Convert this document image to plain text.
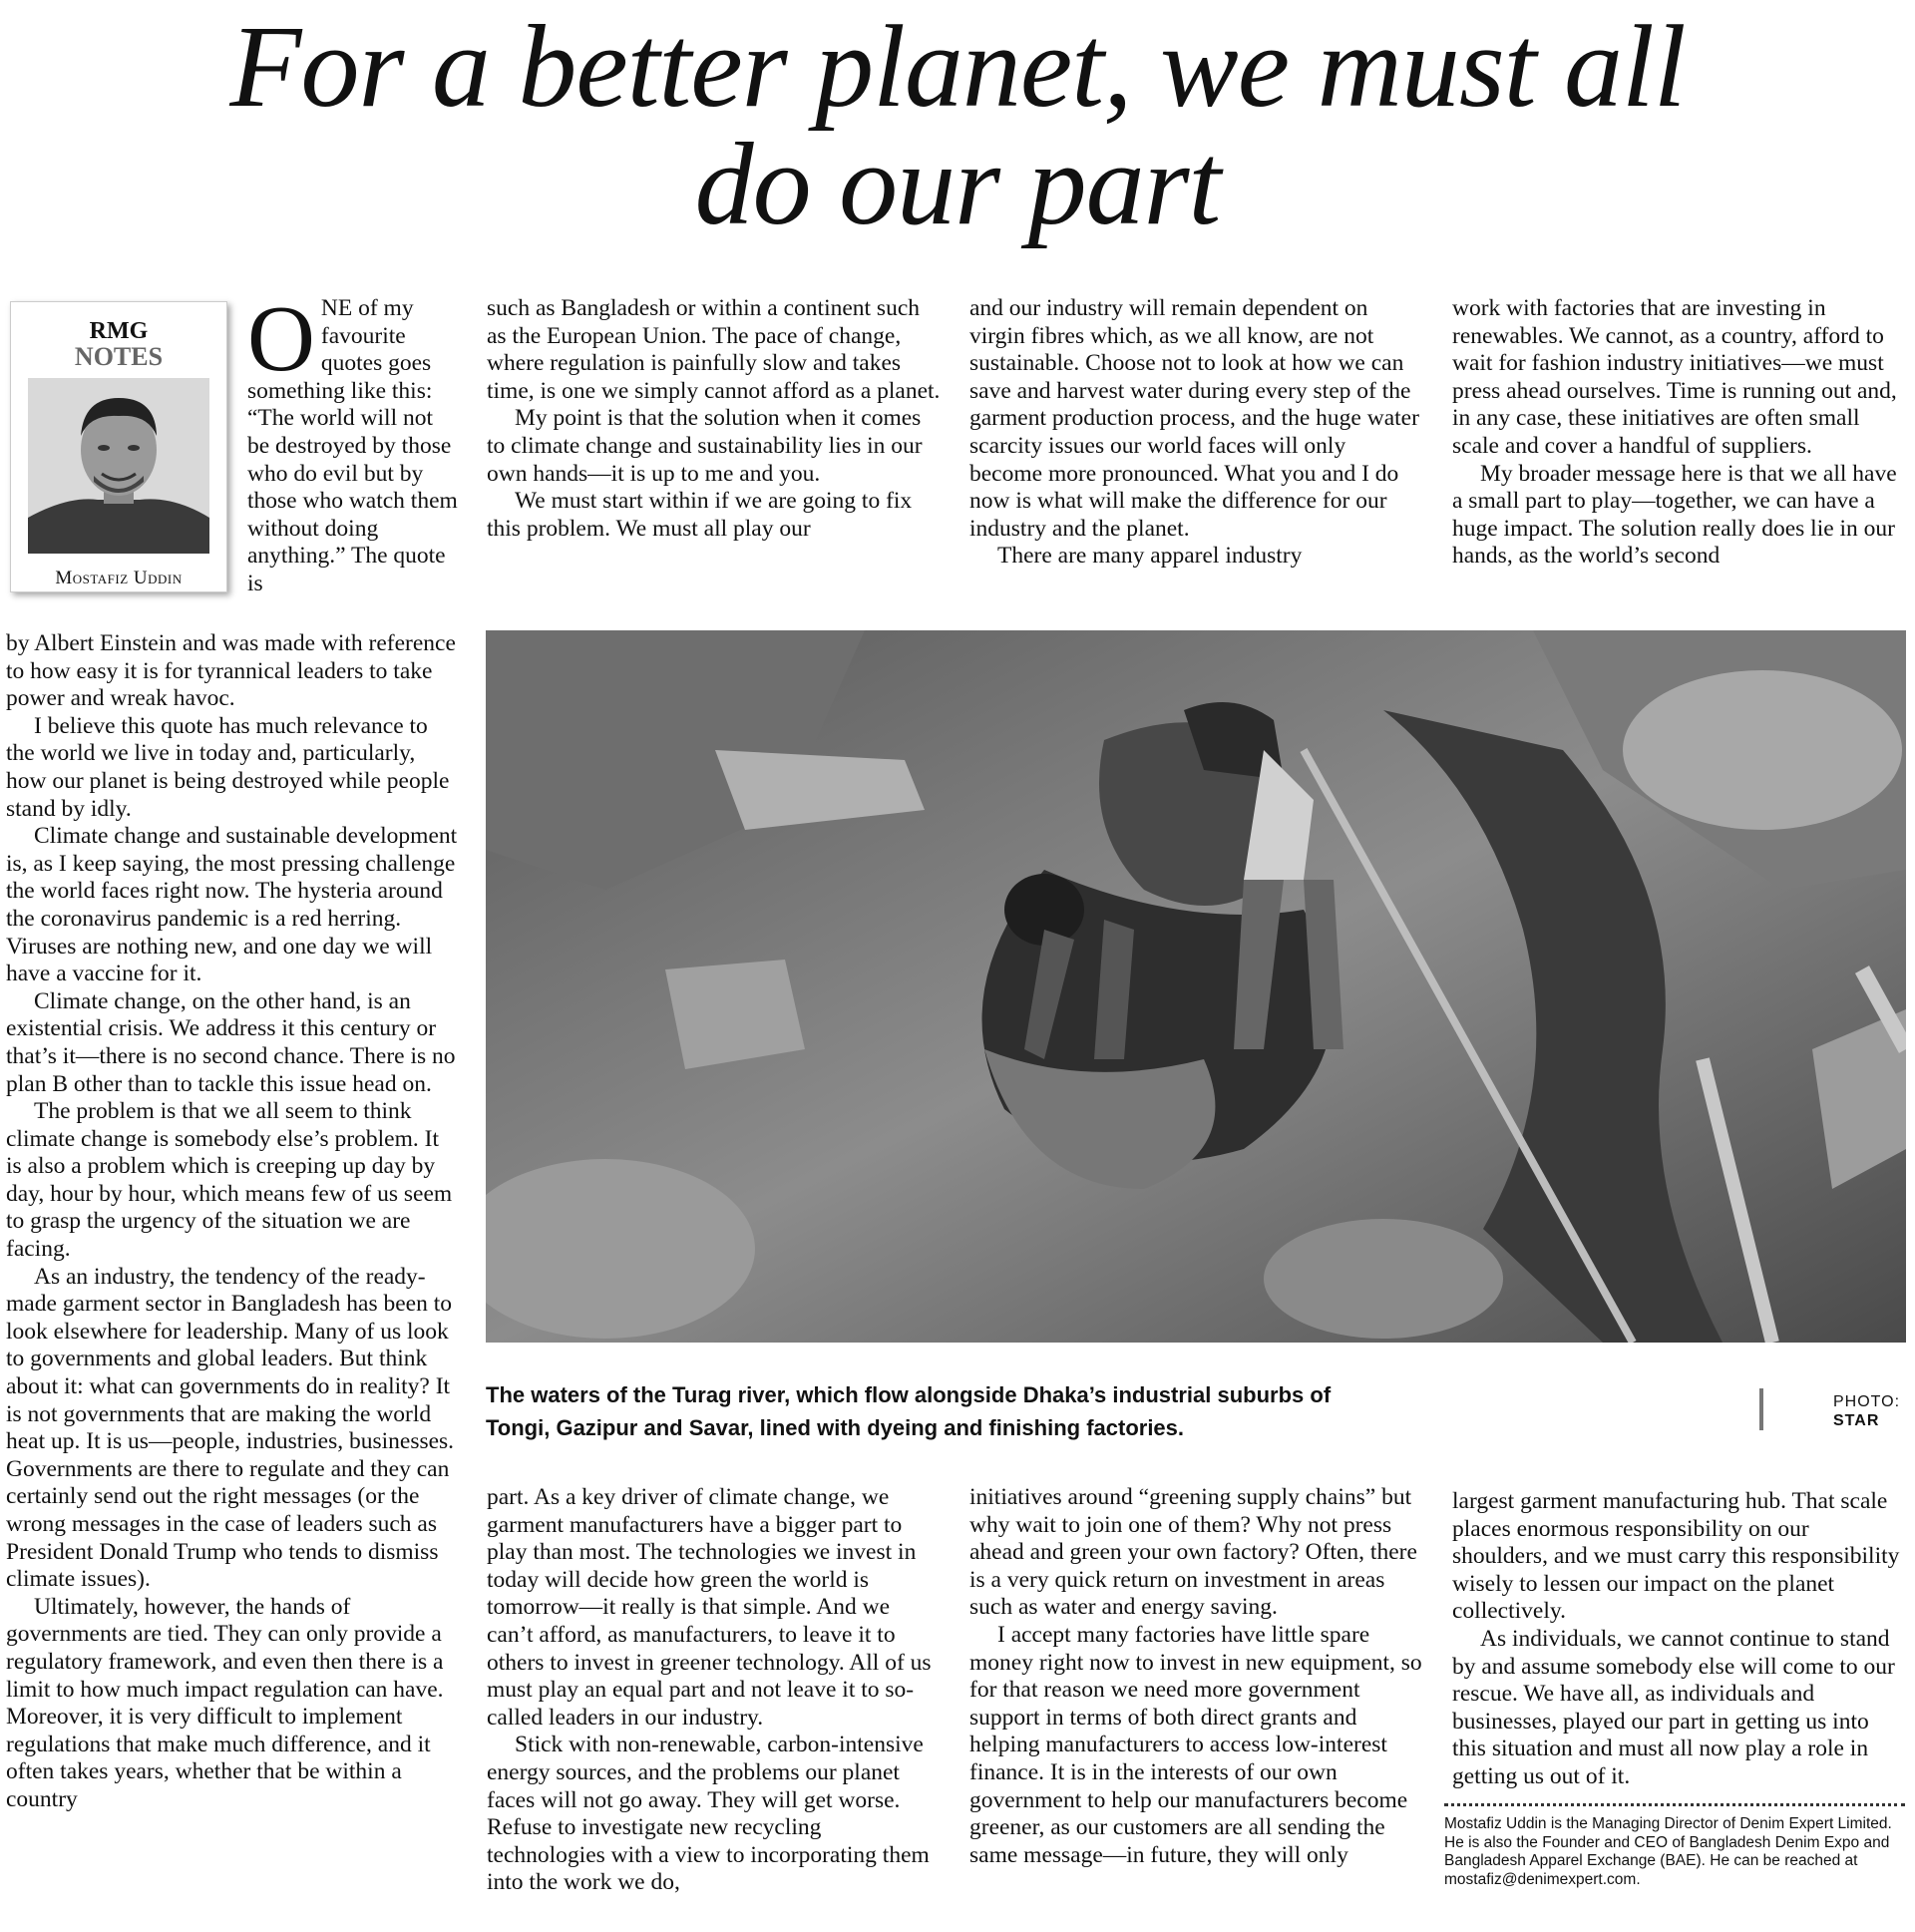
For a better planet, we must all
do our part
RMG
NOTES
Mostafiz Uddin

ONE of my favourite quotes goes something like this: “The world will not be destroyed by those who do evil but by those who watch them without doing anything.” The quote is

by Albert Einstein and was made with reference to how easy it is for tyrannical leaders to take power and wreak havoc.

I believe this quote has much relevance to the world we live in today and, particularly, how our planet is being destroyed while people stand by idly.

Climate change and sustainable development is, as I keep saying, the most pressing challenge the world faces right now. The hysteria around the coronavirus pandemic is a red herring. Viruses are nothing new, and one day we will have a vaccine for it.

Climate change, on the other hand, is an existential crisis. We address it this century or that’s it—there is no second chance. There is no plan B other than to tackle this issue head on.

The problem is that we all seem to think climate change is somebody else’s problem. It is also a problem which is creeping up day by day, hour by hour, which means few of us seem to grasp the urgency of the situation we are facing.

As an industry, the tendency of the ready-made garment sector in Bangladesh has been to look elsewhere for leadership. Many of us look to governments and global leaders. But think about it: what can governments do in reality? It is not governments that are making the world heat up. It is us—people, industries, businesses. Governments are there to regulate and they can certainly send out the right messages (or the wrong messages in the case of leaders such as President Donald Trump who tends to dismiss climate issues).

Ultimately, however, the hands of governments are tied. They can only provide a regulatory framework, and even then there is a limit to how much impact regulation can have. Moreover, it is very difficult to implement regulations that make much difference, and it often takes years, whether that be within a country

such as Bangladesh or within a continent such as the European Union. The pace of change, where regulation is painfully slow and takes time, is one we simply cannot afford as a planet.

My point is that the solution when it comes to climate change and sustainability lies in our own hands—it is up to me and you.

We must start within if we are going to fix this problem. We must all play our

and our industry will remain dependent on virgin fibres which, as we all know, are not sustainable. Choose not to look at how we can save and harvest water during every step of the garment production process, and the huge water scarcity issues our world faces will only become more pronounced. What you and I do now is what will make the difference for our industry and the planet.

There are many apparel industry

work with factories that are investing in renewables. We cannot, as a country, afford to wait for fashion industry initiatives—we must press ahead ourselves. Time is running out and, in any case, these initiatives are often small scale and cover a handful of suppliers.

My broader message here is that we all have a small part to play—together, we can have a huge impact. The solution really does lie in our hands, as the world’s second

The waters of the Turag river, which flow alongside Dhaka’s industrial suburbs of Tongi, Gazipur and Savar, lined with dyeing and finishing factories.
PHOTO:
STAR

part. As a key driver of climate change, we garment manufacturers have a bigger part to play than most. The technologies we invest in today will decide how green the world is tomorrow—it really is that simple. And we can’t afford, as manufacturers, to leave it to others to invest in greener technology. All of us must play an equal part and not leave it to so-called leaders in our industry.

Stick with non-renewable, carbon-intensive energy sources, and the problems our planet faces will not go away. They will get worse. Refuse to investigate new recycling technologies with a view to incorporating them into the work we do,

initiatives around “greening supply chains” but why wait to join one of them? Why not press ahead and green your own factory? Often, there is a very quick return on investment in areas such as water and energy saving.

I accept many factories have little spare money right now to invest in new equipment, so for that reason we need more government support in terms of both direct grants and helping manufacturers to access low-interest finance. It is in the interests of our own government to help our manufacturers become greener, as our customers are all sending the same message—in future, they will only

largest garment manufacturing hub. That scale places enormous responsibility on our shoulders, and we must carry this responsibility wisely to lessen our impact on the planet collectively.

As individuals, we cannot continue to stand by and assume somebody else will come to our rescue. We have all, as individuals and businesses, played our part in getting us into this situation and must all now play a role in getting us out of it.

Mostafiz Uddin is the Managing Director of Denim Expert Limited. He is also the Founder and CEO of Bangladesh Denim Expo and Bangladesh Apparel Exchange (BAE). He can be reached at mostafiz@denimexpert.com.
